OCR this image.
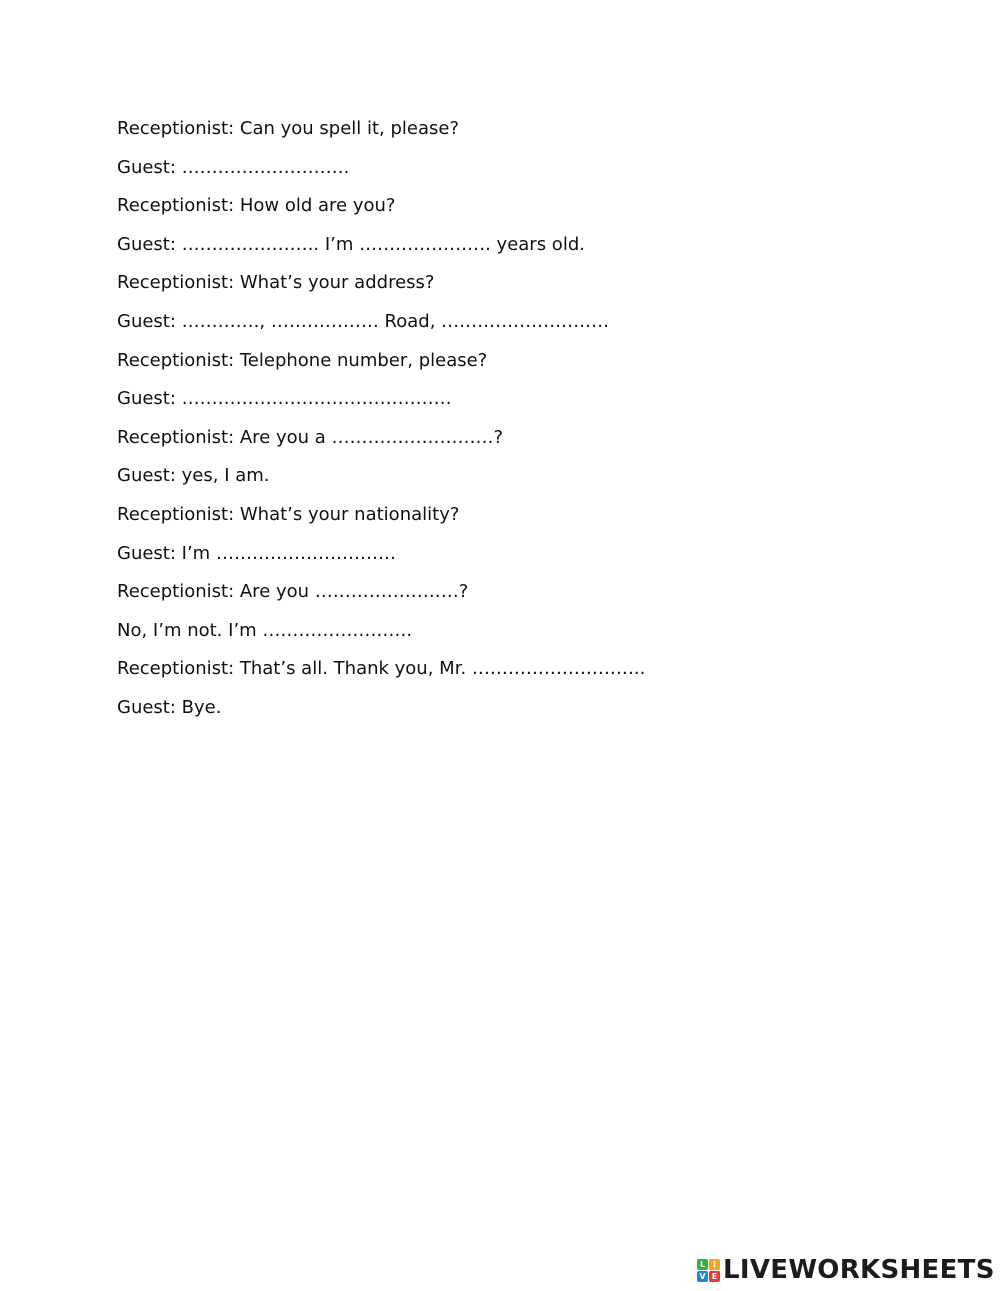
Receptionist: Can you spell it, please?
Guest: ……………………….
Receptionist: How old are you?
Guest: ………………….. I’m …………………. years old.
Receptionist: What’s your address?
Guest: …………., ……………… Road, ……………………….
Receptionist: Telephone number, please?
Guest: ………………………………………
Receptionist: Are you a ………………………?
Guest: yes, I am.
Receptionist: What’s your nationality?
Guest: I’m …………………………
Receptionist: Are you ……………………?
No, I’m not. I’m …………………….
Receptionist: That’s all. Thank you, Mr. ………………………..
Guest: Bye.
L I
V E LIVEWORKSHEETS
